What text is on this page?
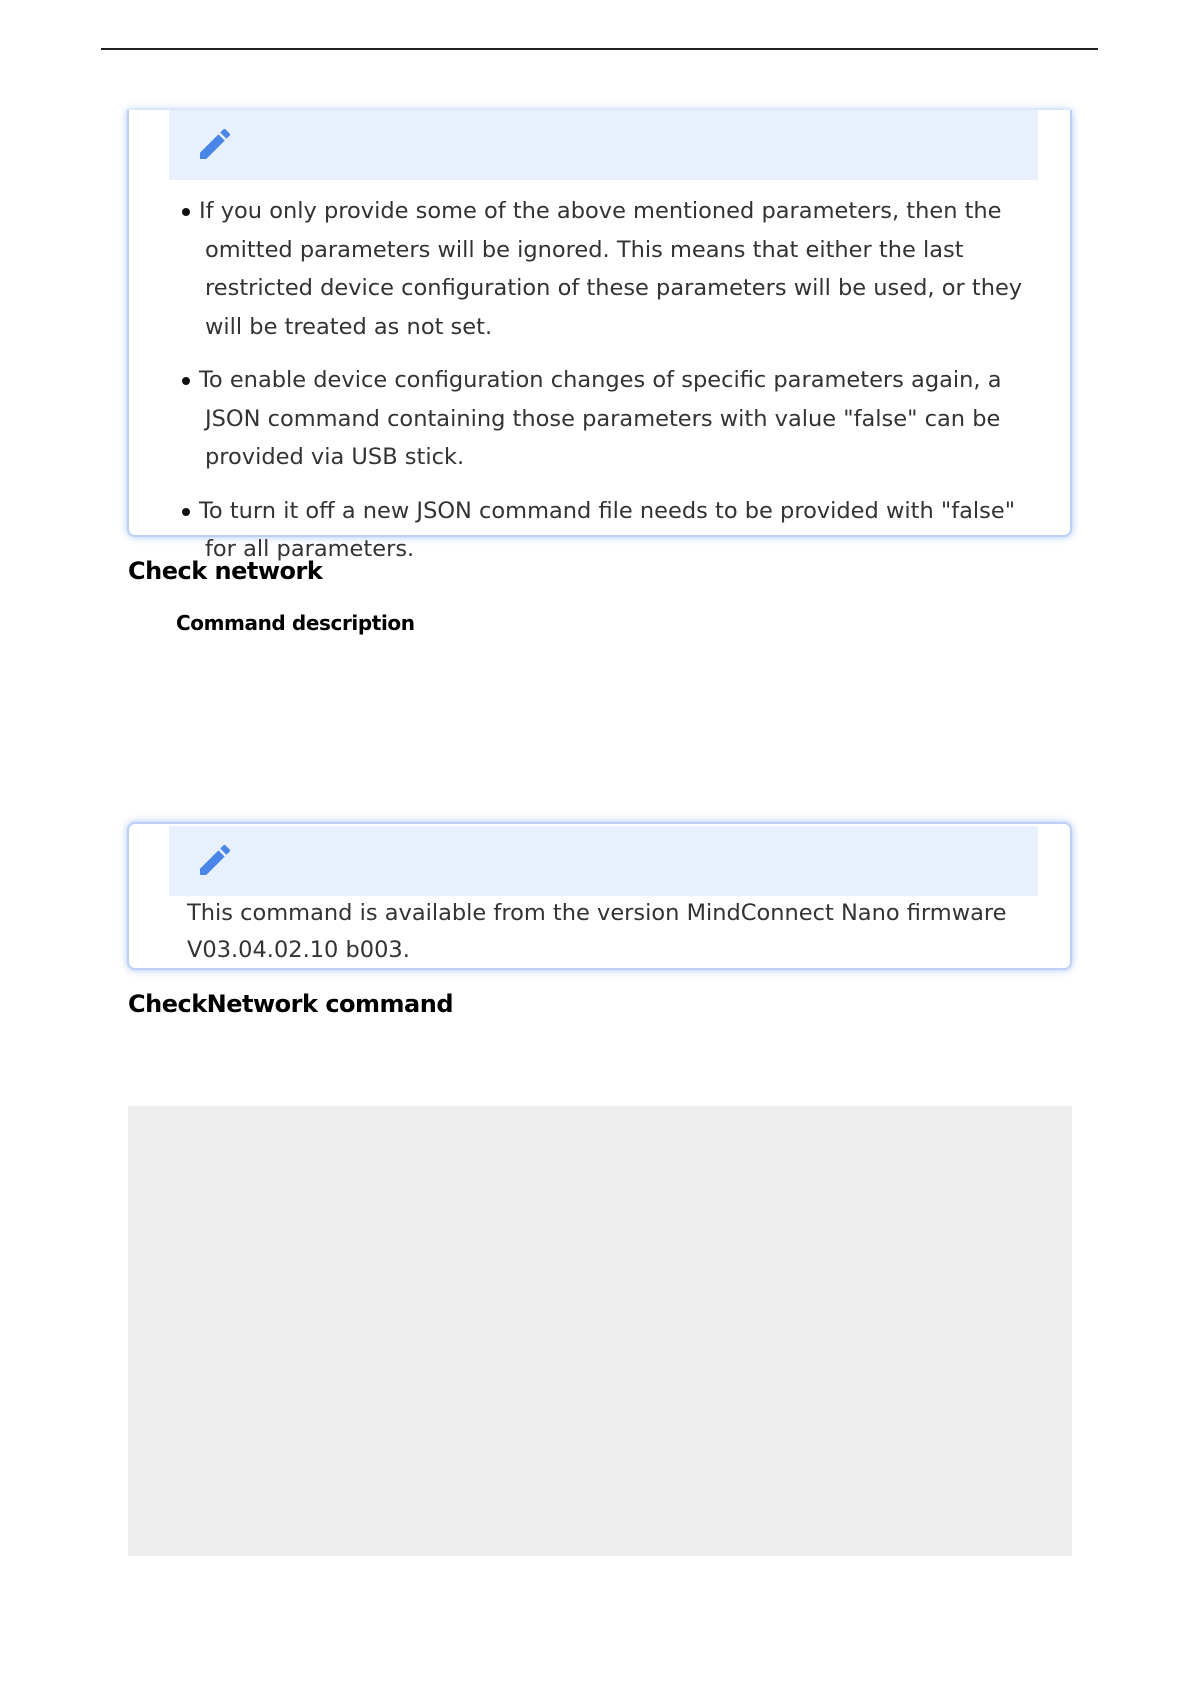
If you only provide some of the above mentioned parameters, then the omitted parameters will be ignored. This means that either the last restricted device configuration of these parameters will be used, or they will be treated as not set.
To enable device configuration changes of specific parameters again, a JSON command containing those parameters with value "false" can be provided via USB stick.
To turn it off a new JSON command file needs to be provided with "false" for all parameters.
Check network
Command description

This command is available from the version MindConnect Nano firmware V03.04.02.10 b003.

CheckNetwork command
